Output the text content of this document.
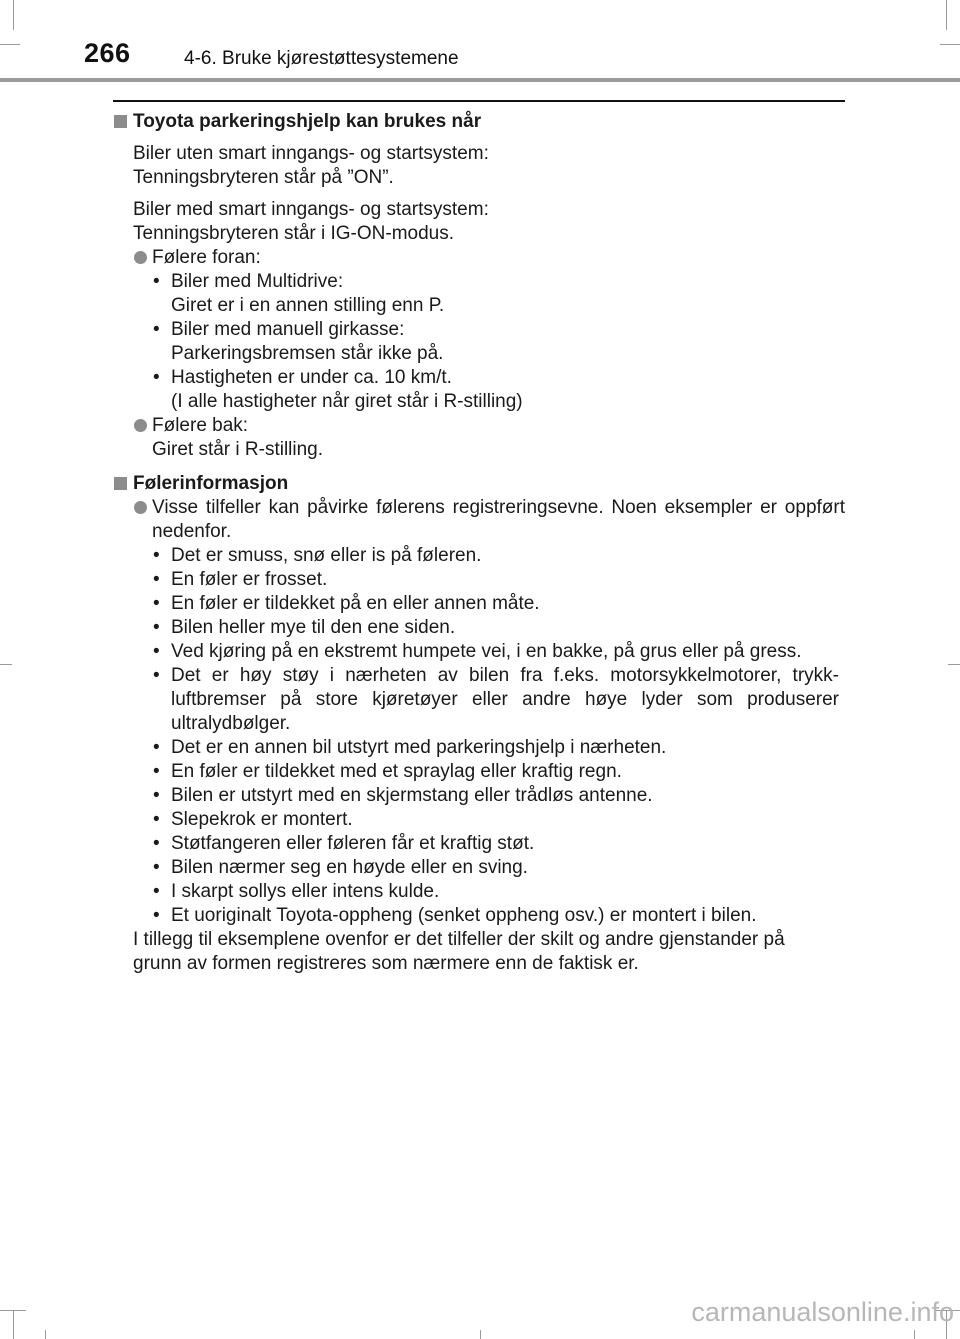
266	4-6. Bruke kjørestøttesystemene

Toyota parkeringshjelp kan brukes når

Biler uten smart inngangs- og startsystem:
Tenningsbryteren står på ”ON”.

Biler med smart inngangs- og startsystem:
Tenningsbryteren står i IG-ON-modus.

Følere foran:

• Biler med Multidrive:
Giret er i en annen stilling enn P.
• Biler med manuell girkasse:
Parkeringsbremsen står ikke på.
• Hastigheten er under ca. 10 km/t.
(I alle hastigheter når giret står i R-stilling)

Følere bak:
Giret står i R-stilling.

Følerinformasjon

Visse tilfeller kan påvirke følerens registreringsevne. Noen eksempler er oppført nedenfor.

• Det er smuss, snø eller is på føleren.
• En føler er frosset.
• En føler er tildekket på en eller annen måte.
• Bilen heller mye til den ene siden.
• Ved kjøring på en ekstremt humpete vei, i en bakke, på grus eller på gress.
• Det er høy støy i nærheten av bilen fra f.eks. motorsykkelmotorer, trykk-luftbremser på store kjøretøyer eller andre høye lyder som produserer ultralydbølger.
• Det er en annen bil utstyrt med parkeringshjelp i nærheten.
• En føler er tildekket med et spraylag eller kraftig regn.
• Bilen er utstyrt med en skjermstang eller trådløs antenne.
• Slepekrok er montert.
• Støtfangeren eller føleren får et kraftig støt.
• Bilen nærmer seg en høyde eller en sving.
• I skarpt sollys eller intens kulde.
• Et uoriginalt Toyota-oppheng (senket oppheng osv.) er montert i bilen.

I tillegg til eksemplene ovenfor er det tilfeller der skilt og andre gjenstander på
grunn av formen registreres som nærmere enn de faktisk er.

carmanualsonline.info
